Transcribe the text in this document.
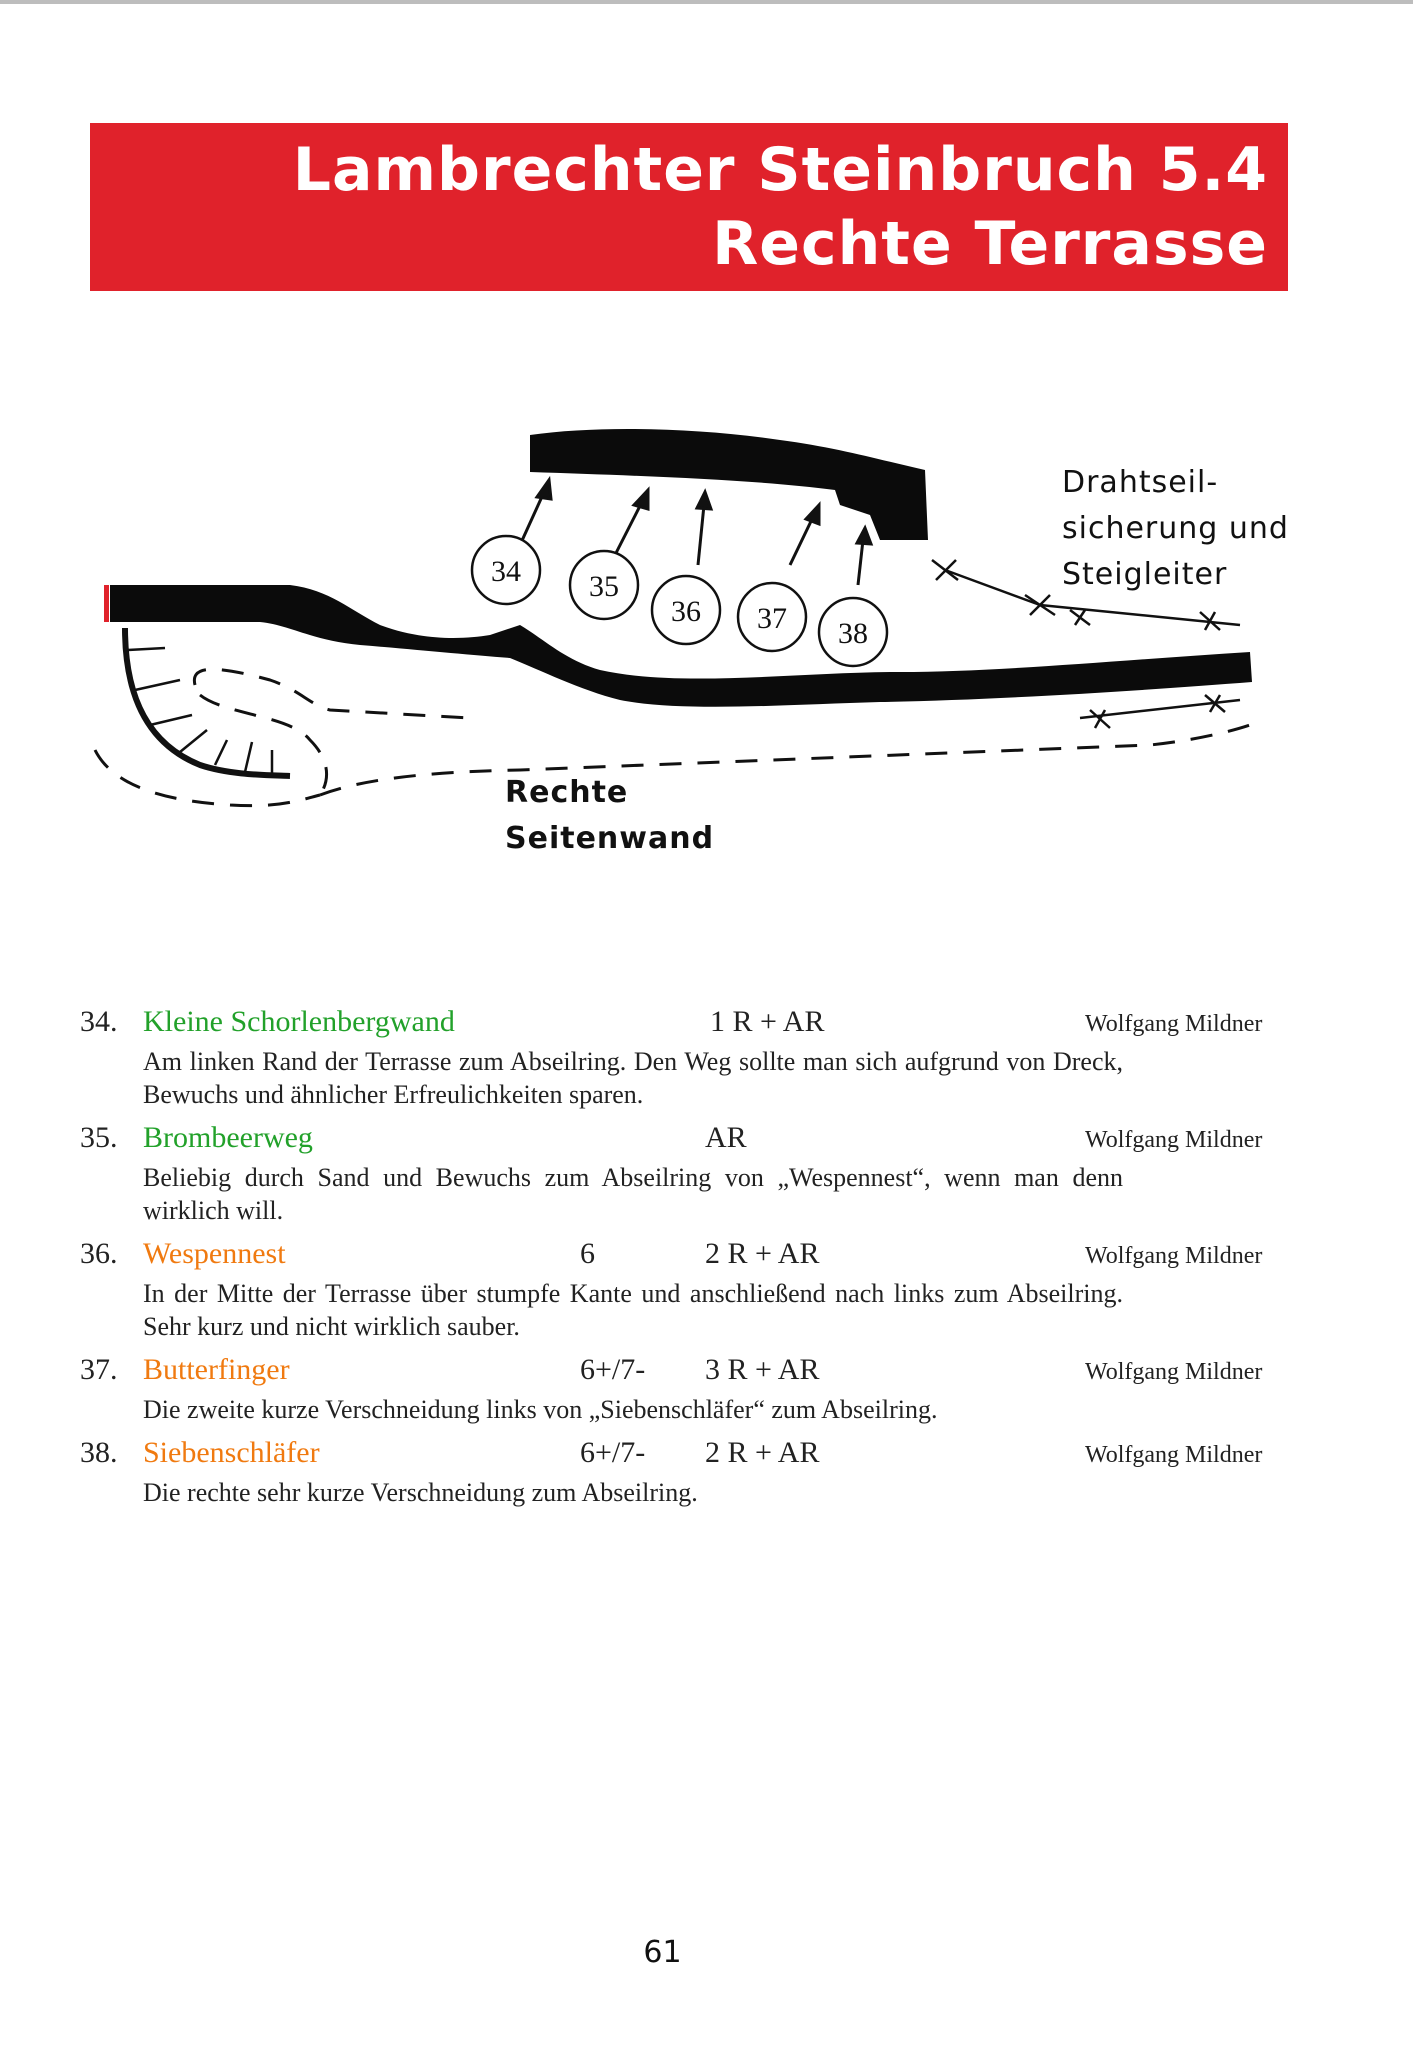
Lambrechter Steinbruch 5.4
Rechte Terrasse
34 35
36 37 38
Drahtseil-
sicherung und
Steigleiter
Rechte
Seitenwand
34. Kleine Schorlenbergwand	1 R + AR	Wolfgang Mildner
Am linken Rand der Terrasse zum Abseilring. Den Weg sollte man sich aufgrund von Dreck, Bewuchs und ähnlicher Erfreulichkeiten sparen.
35. Brombeerweg	AR	Wolfgang Mildner
Beliebig durch Sand und Bewuchs zum Abseilring von „Wespennest“, wenn man denn wirklich will.
36. Wespennest	6	2 R + AR	Wolfgang Mildner
In der Mitte der Terrasse über stumpfe Kante und anschließend nach links zum Abseilring. Sehr kurz und nicht wirklich sauber.
37. Butterfinger	6+/7- 3 R + AR	Wolfgang Mildner
Die zweite kurze Verschneidung links von „Siebenschläfer“ zum Abseilring.
38. Siebenschläfer	6+/7- 2 R + AR	Wolfgang Mildner
Die rechte sehr kurze Verschneidung zum Abseilring.
61
